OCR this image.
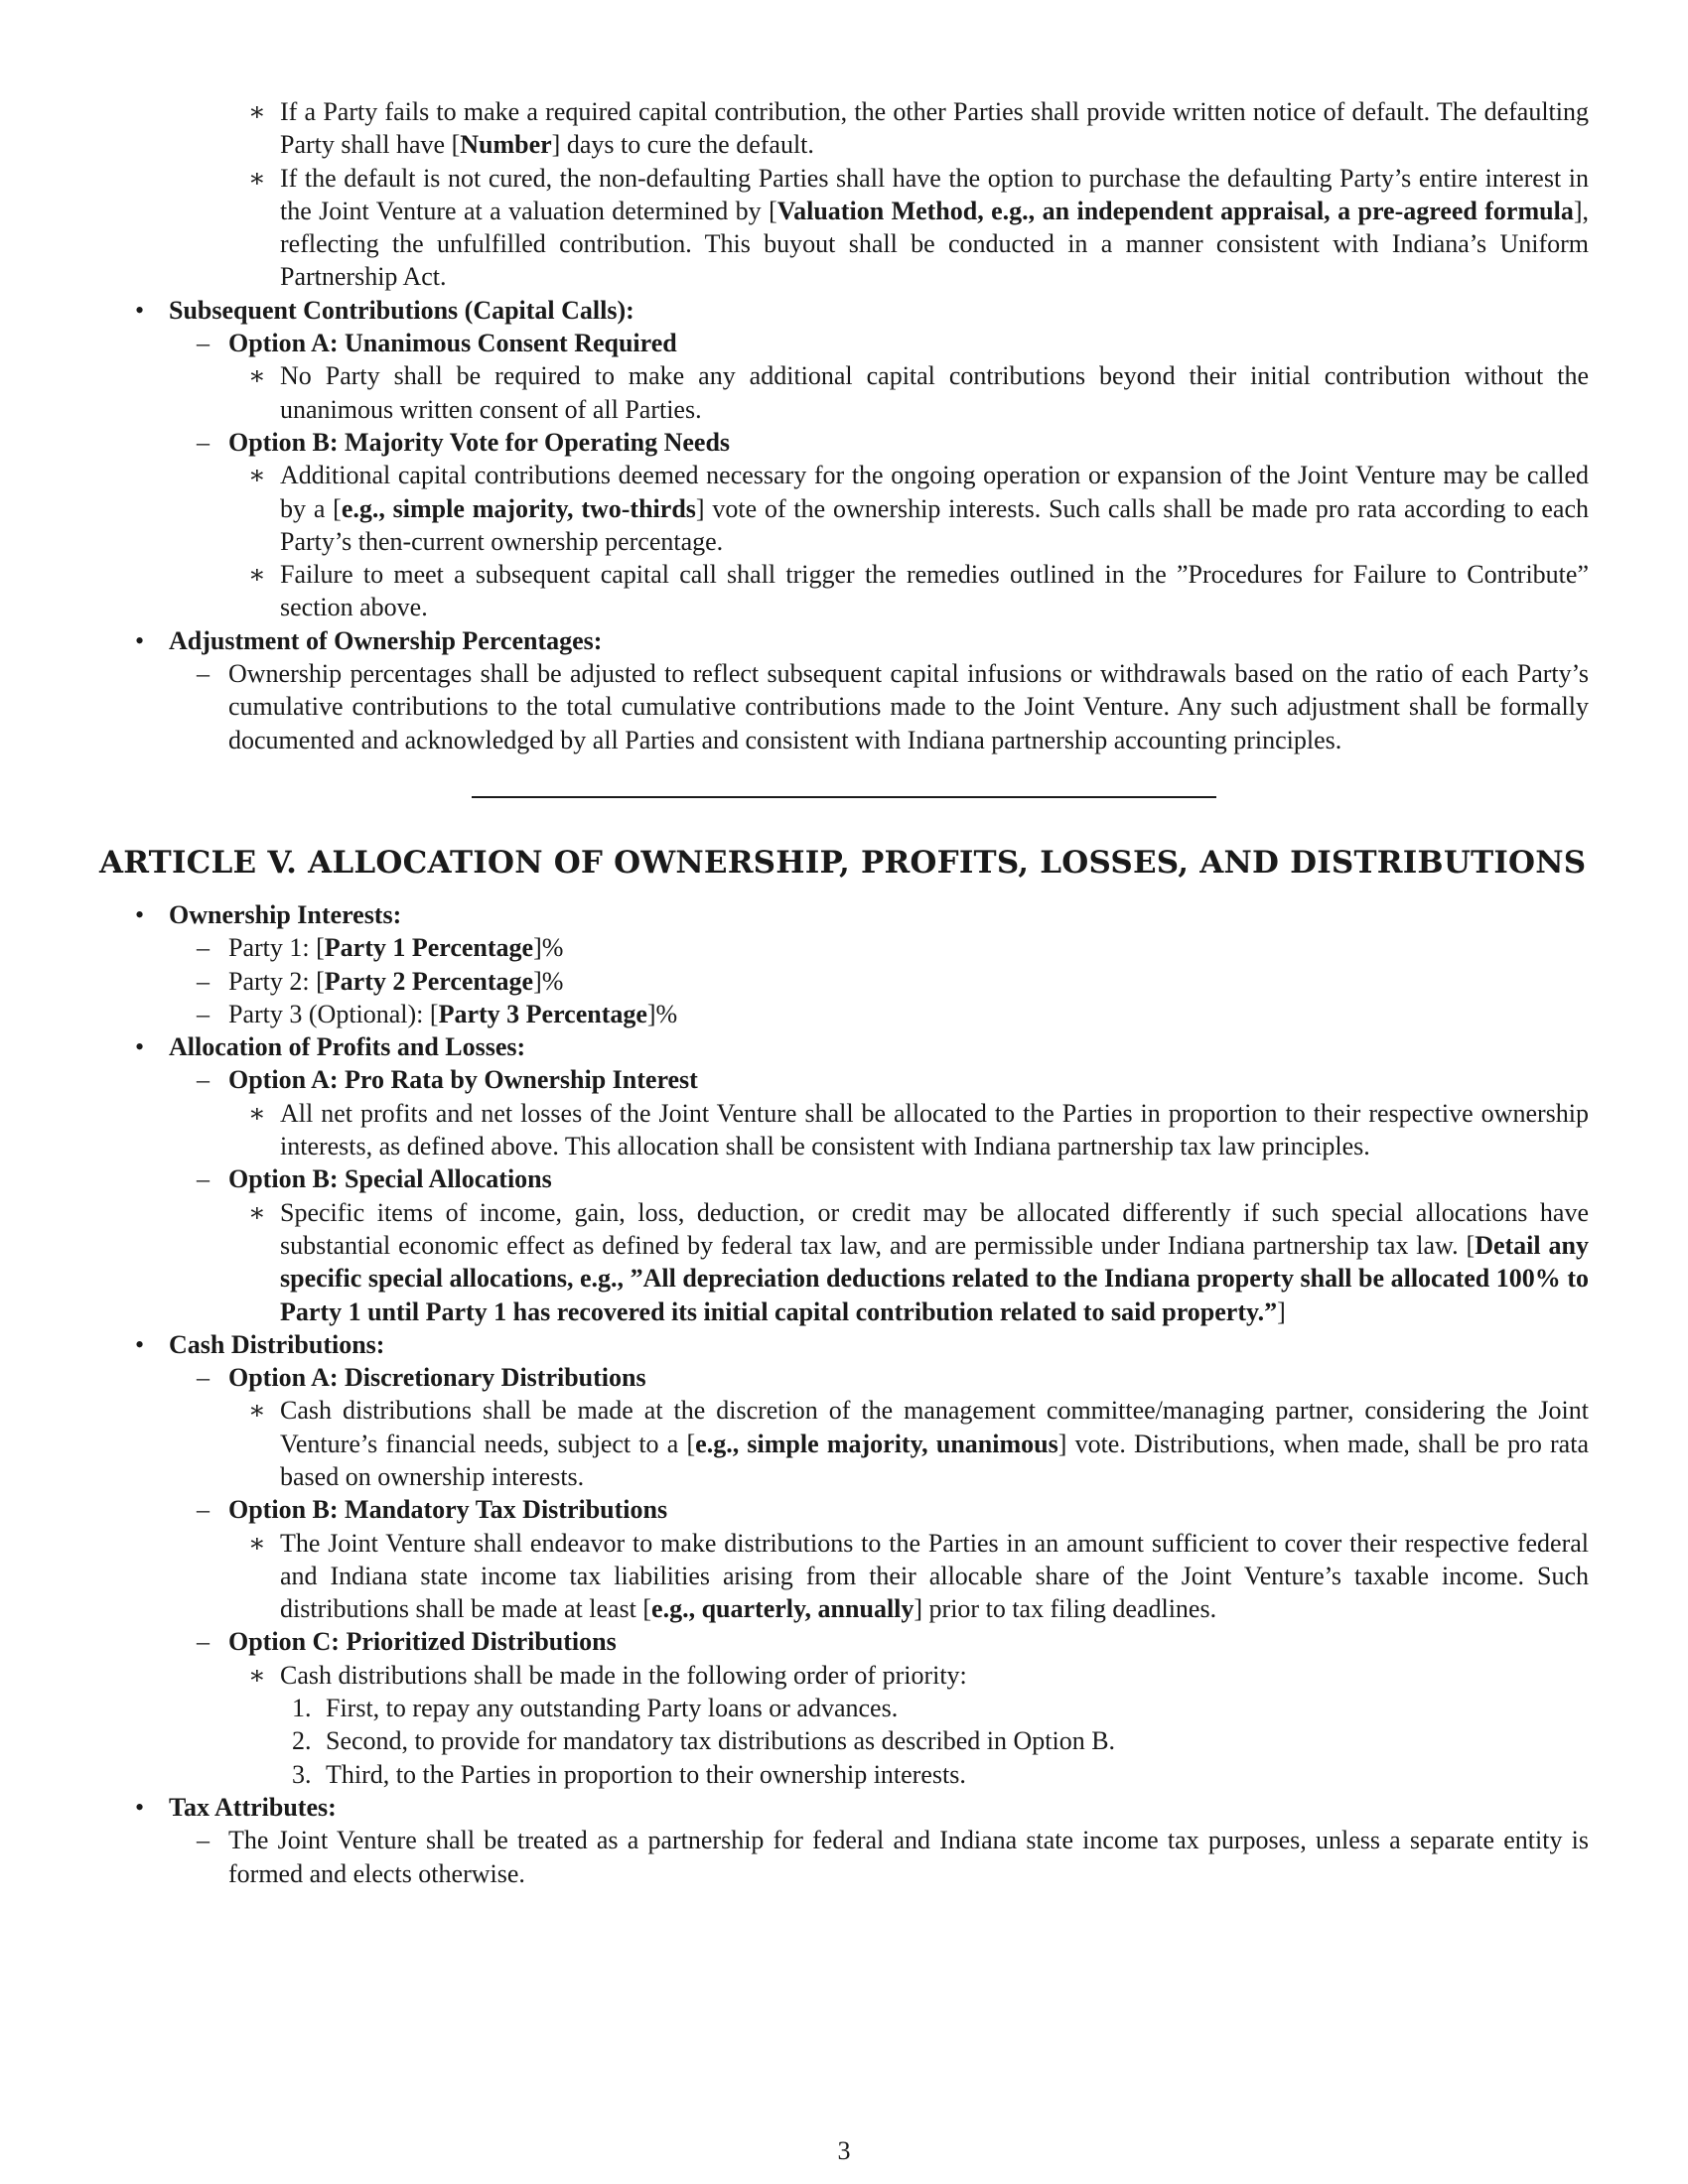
∗ If a Party fails to make a required capital contribution, the other Parties shall provide written notice of default. The defaulting Party shall have [Number] days to cure the default.
∗ If the default is not cured, the non-defaulting Parties shall have the option to purchase the defaulting Party’s entire interest in the Joint Venture at a valuation determined by [Valuation Method, e.g., an independent appraisal, a pre-agreed formula], reflecting the unfulfilled contribution. This buyout shall be conducted in a manner consistent with Indiana’s Uniform Partnership Act.
• Subsequent Contributions (Capital Calls):
– Option A: Unanimous Consent Required
∗ No Party shall be required to make any additional capital contributions beyond their initial contribution without the unanimous written consent of all Parties.
– Option B: Majority Vote for Operating Needs
∗ Additional capital contributions deemed necessary for the ongoing operation or expansion of the Joint Venture may be called by a [e.g., simple majority, two-thirds] vote of the ownership interests. Such calls shall be made pro rata according to each Party’s then-current ownership percentage.
∗ Failure to meet a subsequent capital call shall trigger the remedies outlined in the ”Procedures for Failure to Contribute” section above.
• Adjustment of Ownership Percentages:
– Ownership percentages shall be adjusted to reflect subsequent capital infusions or withdrawals based on the ratio of each Party’s cumulative contributions to the total cumulative contributions made to the Joint Venture. Any such adjustment shall be formally documented and acknowledged by all Parties and consistent with Indiana partnership accounting principles.
ARTICLE V. ALLOCATION OF OWNERSHIP, PROFITS, LOSSES, AND DISTRIBUTIONS
• Ownership Interests:
– Party 1: [Party 1 Percentage]%
– Party 2: [Party 2 Percentage]%
– Party 3 (Optional): [Party 3 Percentage]%
• Allocation of Profits and Losses:
– Option A: Pro Rata by Ownership Interest
∗ All net profits and net losses of the Joint Venture shall be allocated to the Parties in proportion to their respective ownership interests, as defined above. This allocation shall be consistent with Indiana partnership tax law principles.
– Option B: Special Allocations
∗ Specific items of income, gain, loss, deduction, or credit may be allocated differently if such special allocations have substantial economic effect as defined by federal tax law, and are permissible under Indiana partnership tax law. [Detail any specific special allocations, e.g., ”All depreciation deductions related to the Indiana property shall be allocated 100% to Party 1 until Party 1 has recovered its initial capital contribution related to said property.”]
• Cash Distributions:
– Option A: Discretionary Distributions
∗ Cash distributions shall be made at the discretion of the management committee/managing partner, considering the Joint Venture’s financial needs, subject to a [e.g., simple majority, unanimous] vote. Distributions, when made, shall be pro rata based on ownership interests.
– Option B: Mandatory Tax Distributions
∗ The Joint Venture shall endeavor to make distributions to the Parties in an amount sufficient to cover their respective federal and Indiana state income tax liabilities arising from their allocable share of the Joint Venture’s taxable income. Such distributions shall be made at least [e.g., quarterly, annually] prior to tax filing deadlines.
– Option C: Prioritized Distributions
∗ Cash distributions shall be made in the following order of priority:
1. First, to repay any outstanding Party loans or advances.
2. Second, to provide for mandatory tax distributions as described in Option B.
3. Third, to the Parties in proportion to their ownership interests.
• Tax Attributes:
– The Joint Venture shall be treated as a partnership for federal and Indiana state income tax purposes, unless a separate entity is formed and elects otherwise.
3
